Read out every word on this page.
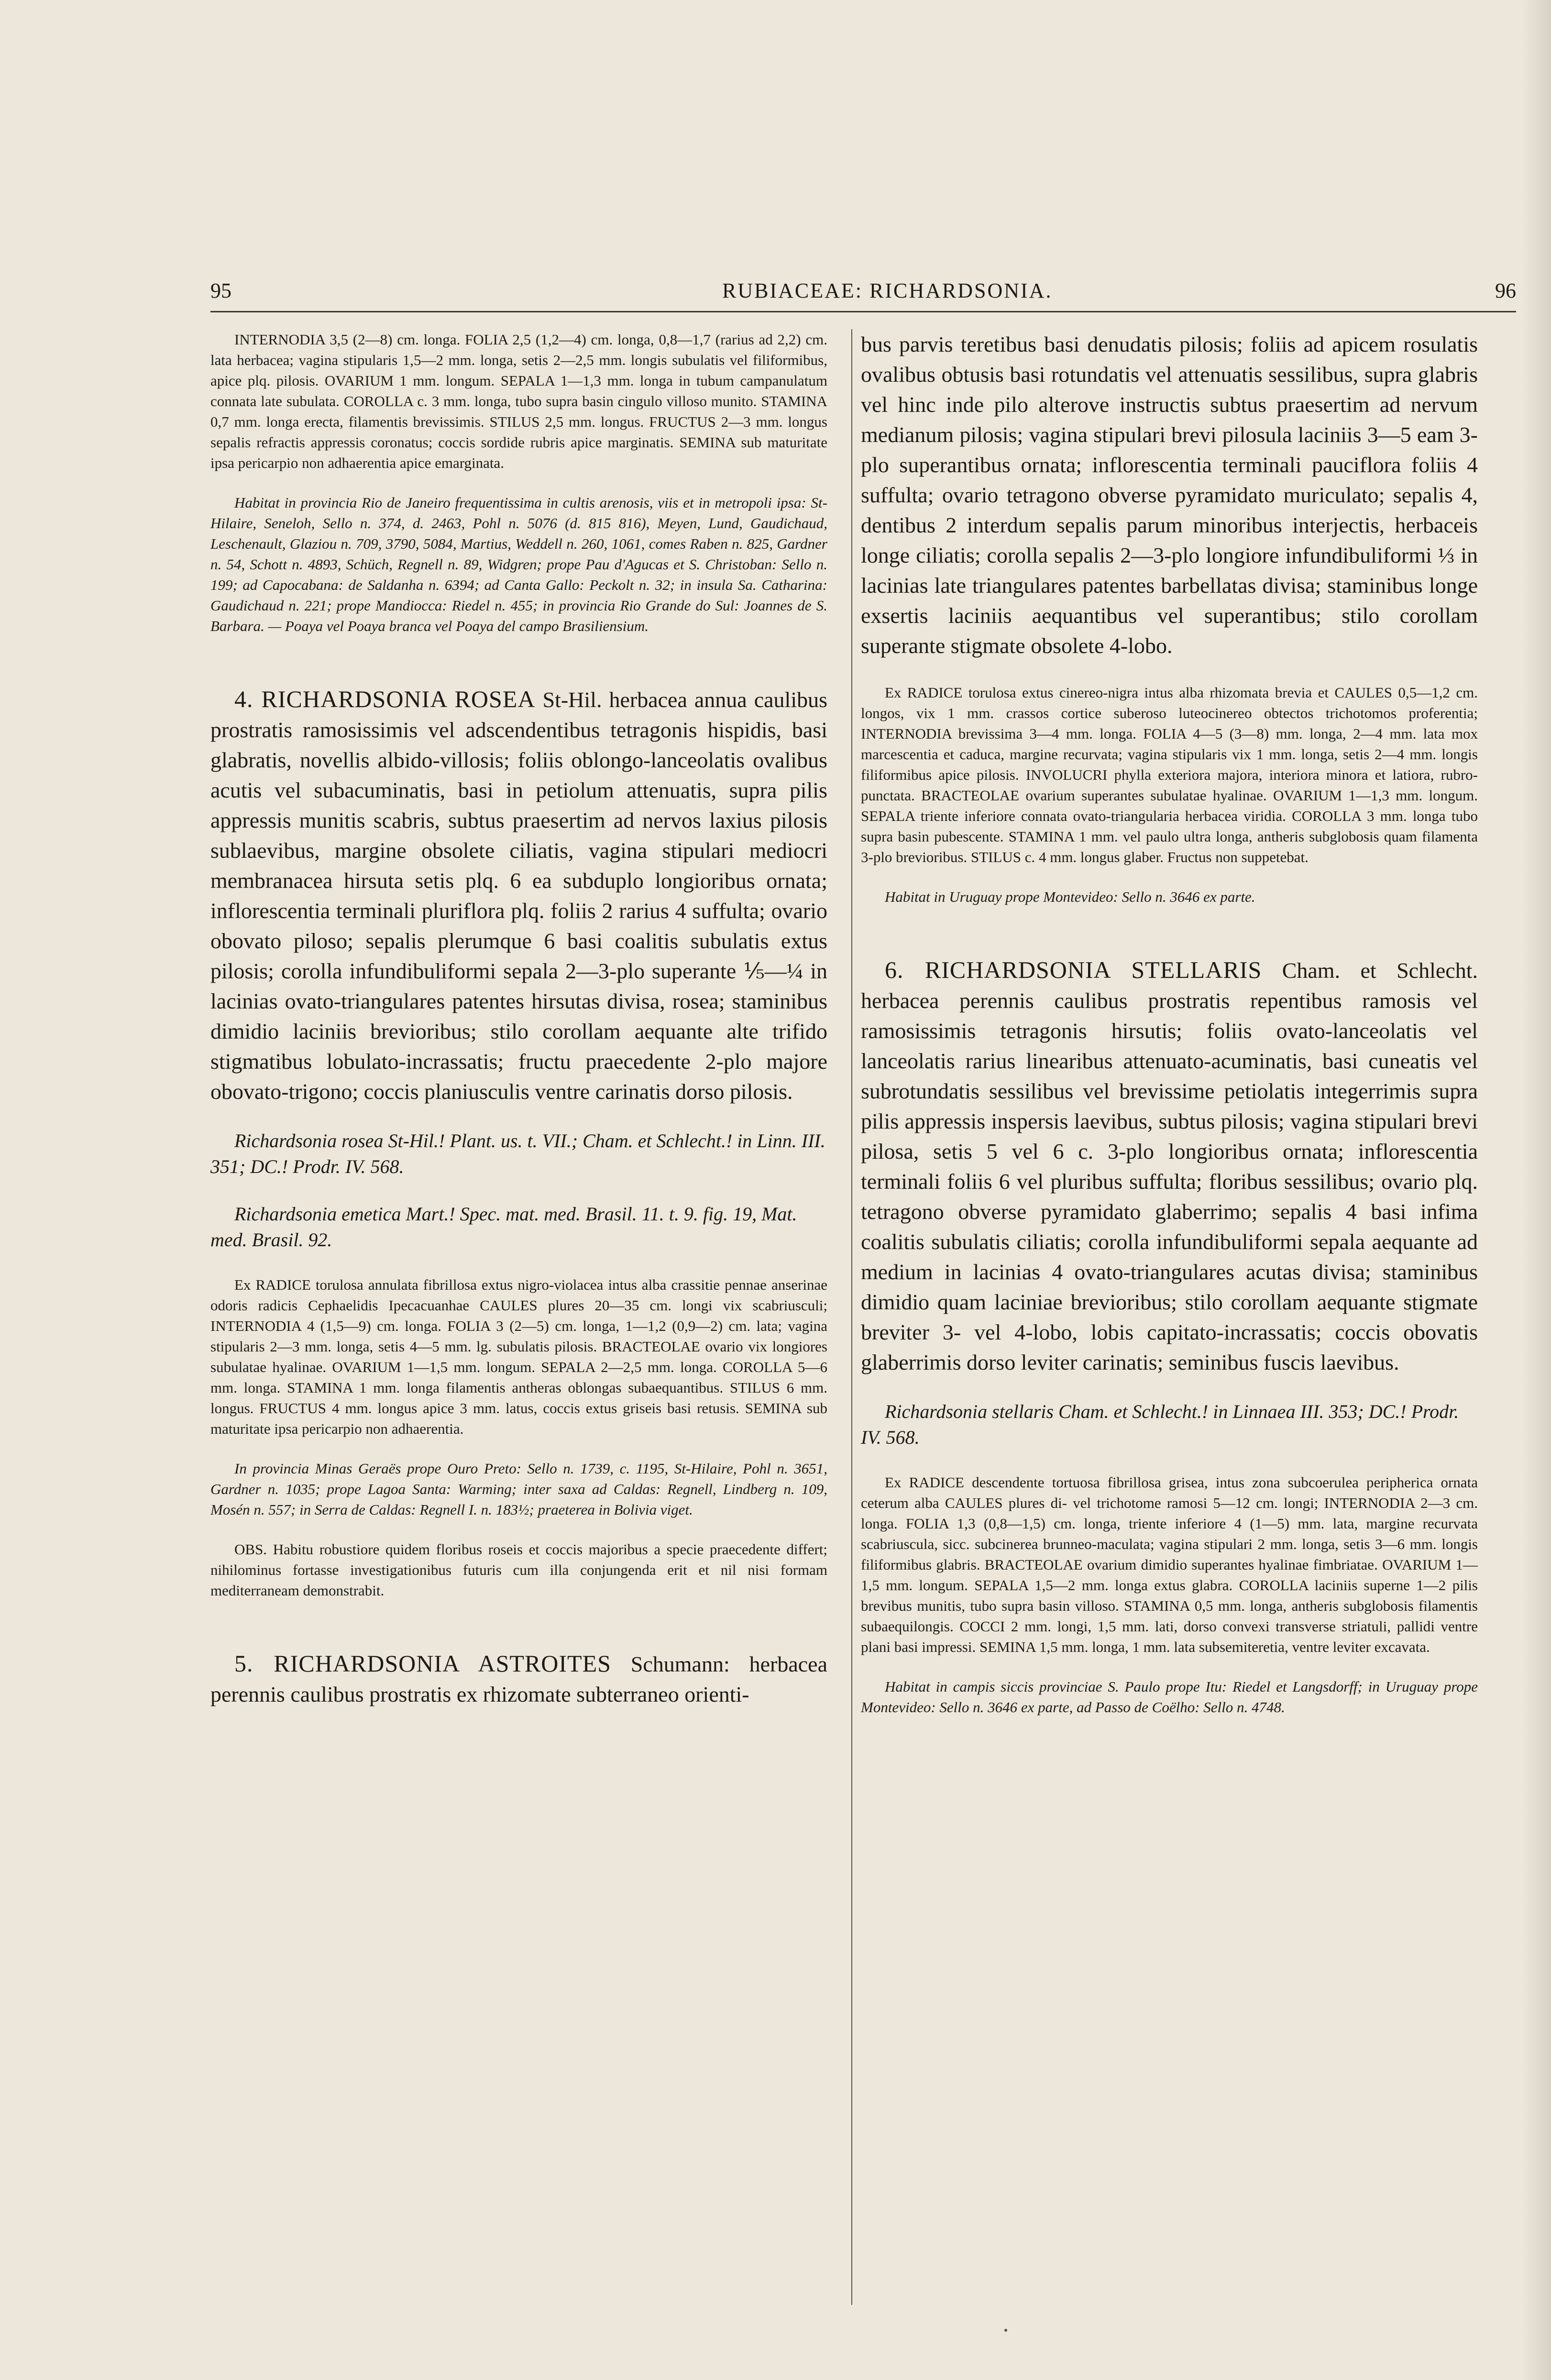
95	RUBIACEAE: RICHARDSONIA.	96

INTERNODIA 3,5 (2—8) cm. longa. FOLIA 2,5 (1,2—4) cm. longa, 0,8—1,7 (rarius ad 2,2) cm. lata herbacea; vagina stipularis 1,5—2 mm. longa, setis 2—2,5 mm. longis subulatis vel filiformibus, apice plq. pilosis. OVARIUM 1 mm. longum. SEPALA 1—1,3 mm. longa in tubum campanulatum connata late subulata. COROLLA c. 3 mm. longa, tubo supra basin cingulo villoso munito. STAMINA 0,7 mm. longa erecta, filamentis brevissimis. STILUS 2,5 mm. longus. FRUCTUS 2—3 mm. longus sepalis refractis appressis coronatus; coccis sordide rubris apice marginatis. SEMINA sub maturitate ipsa pericarpio non adhaerentia apice emarginata.

Habitat in provincia Rio de Janeiro frequentissima in cultis arenosis, viis et in metropoli ipsa: St-Hilaire, Seneloh, Sello n. 374, d. 2463, Pohl n. 5076 (d. 815 816), Meyen, Lund, Gaudichaud, Leschenault, Glaziou n. 709, 3790, 5084, Martius, Weddell n. 260, 1061, comes Raben n. 825, Gardner n. 54, Schott n. 4893, Schüch, Regnell n. 89, Widgren; prope Pau d'Agucas et S. Christoban: Sello n. 199; ad Capocabana: de Saldanha n. 6394; ad Canta Gallo: Peckolt n. 32; in insula Sa. Catharina: Gaudichaud n. 221; prope Mandiocca: Riedel n. 455; in provincia Rio Grande do Sul: Joannes de S. Barbara. — Poaya vel Poaya branca vel Poaya del campo Brasiliensium.

4. RICHARDSONIA ROSEA St-Hil. herbacea annua caulibus prostratis ramosissimis vel adscendentibus tetragonis hispidis, basi glabratis, novellis albido-villosis; foliis oblongo-lanceolatis ovalibus acutis vel subacuminatis, basi in petiolum attenuatis, supra pilis appressis munitis scabris, subtus praesertim ad nervos laxius pilosis sublaevibus, margine obsolete ciliatis, vagina stipulari mediocri membranacea hirsuta setis plq. 6 ea subduplo longioribus ornata; inflorescentia terminali pluriflora plq. foliis 2 rarius 4 suffulta; ovario obovato piloso; sepalis plerumque 6 basi coalitis subulatis extus pilosis; corolla infundibuliformi sepala 2—3-plo superante ⅕—¼ in lacinias ovato-triangulares patentes hirsutas divisa, rosea; staminibus dimidio laciniis brevioribus; stilo corollam aequante alte trifido stigmatibus lobulato-incrassatis; fructu praecedente 2-plo majore obovato-trigono; coccis planiusculis ventre carinatis dorso pilosis.

Richardsonia rosea St-Hil.! Plant. us. t. VII.; Cham. et Schlecht.! in Linn. III. 351; DC.! Prodr. IV. 568.

Richardsonia emetica Mart.! Spec. mat. med. Brasil. 11. t. 9. fig. 19, Mat. med. Brasil. 92.

Ex RADICE torulosa annulata fibrillosa extus nigro-violacea intus alba crassitie pennae anserinae odoris radicis Cephaelidis Ipecacuanhae CAULES plures 20—35 cm. longi vix scabriusculi; INTERNODIA 4 (1,5—9) cm. longa. FOLIA 3 (2—5) cm. longa, 1—1,2 (0,9—2) cm. lata; vagina stipularis 2—3 mm. longa, setis 4—5 mm. lg. subulatis pilosis. BRACTEOLAE ovario vix longiores subulatae hyalinae. OVARIUM 1—1,5 mm. longum. SEPALA 2—2,5 mm. longa. COROLLA 5—6 mm. longa. STAMINA 1 mm. longa filamentis antheras oblongas subaequantibus. STILUS 6 mm. longus. FRUCTUS 4 mm. longus apice 3 mm. latus, coccis extus griseis basi retusis. SEMINA sub maturitate ipsa pericarpio non adhaerentia.

In provincia Minas Geraës prope Ouro Preto: Sello n. 1739, c. 1195, St-Hilaire, Pohl n. 3651, Gardner n. 1035; prope Lagoa Santa: Warming; inter saxa ad Caldas: Regnell, Lindberg n. 109, Mosén n. 557; in Serra de Caldas: Regnell I. n. 183½; praeterea in Bolivia viget.

OBS. Habitu robustiore quidem floribus roseis et coccis majoribus a specie praecedente differt; nihilominus fortasse investigationibus futuris cum illa conjungenda erit et nil nisi formam mediterraneam demonstrabit.

5. RICHARDSONIA ASTROITES Schumann: herbacea perennis caulibus prostratis ex rhizomate subterraneo orienti-

bus parvis teretibus basi denudatis pilosis; foliis ad apicem rosulatis ovalibus obtusis basi rotundatis vel attenuatis sessilibus, supra glabris vel hinc inde pilo alterove instructis subtus praesertim ad nervum medianum pilosis; vagina stipulari brevi pilosula laciniis 3—5 eam 3-plo superantibus ornata; inflorescentia terminali pauciflora foliis 4 suffulta; ovario tetragono obverse pyramidato muriculato; sepalis 4, dentibus 2 interdum sepalis parum minoribus interjectis, herbaceis longe ciliatis; corolla sepalis 2—3-plo longiore infundibuliformi ⅓ in lacinias late triangulares patentes barbellatas divisa; staminibus longe exsertis laciniis aequantibus vel superantibus; stilo corollam superante stigmate obsolete 4-lobo.

Ex RADICE torulosa extus cinereo-nigra intus alba rhizomata brevia et CAULES 0,5—1,2 cm. longos, vix 1 mm. crassos cortice suberoso luteocinereo obtectos trichotomos proferentia; INTERNODIA brevissima 3—4 mm. longa. FOLIA 4—5 (3—8) mm. longa, 2—4 mm. lata mox marcescentia et caduca, margine recurvata; vagina stipularis vix 1 mm. longa, setis 2—4 mm. longis filiformibus apice pilosis. INVOLUCRI phylla exteriora majora, interiora minora et latiora, rubro-punctata. BRACTEOLAE ovarium superantes subulatae hyalinae. OVARIUM 1—1,3 mm. longum. SEPALA triente inferiore connata ovato-triangularia herbacea viridia. COROLLA 3 mm. longa tubo supra basin pubescente. STAMINA 1 mm. vel paulo ultra longa, antheris subglobosis quam filamenta 3-plo brevioribus. STILUS c. 4 mm. longus glaber. Fructus non suppetebat.

Habitat in Uruguay prope Montevideo: Sello n. 3646 ex parte.

6. RICHARDSONIA STELLARIS Cham. et Schlecht. herbacea perennis caulibus prostratis repentibus ramosis vel ramosissimis tetragonis hirsutis; foliis ovato-lanceolatis vel lanceolatis rarius linearibus attenuato-acuminatis, basi cuneatis vel subrotundatis sessilibus vel brevissime petiolatis integerrimis supra pilis appressis inspersis laevibus, subtus pilosis; vagina stipulari brevi pilosa, setis 5 vel 6 c. 3-plo longioribus ornata; inflorescentia terminali foliis 6 vel pluribus suffulta; floribus sessilibus; ovario plq. tetragono obverse pyramidato glaberrimo; sepalis 4 basi infima coalitis subulatis ciliatis; corolla infundibuliformi sepala aequante ad medium in lacinias 4 ovato-triangulares acutas divisa; staminibus dimidio quam laciniae brevioribus; stilo corollam aequante stigmate breviter 3- vel 4-lobo, lobis capitato-incrassatis; coccis obovatis glaberrimis dorso leviter carinatis; seminibus fuscis laevibus.

Richardsonia stellaris Cham. et Schlecht.! in Linnaea III. 353; DC.! Prodr. IV. 568.

Ex RADICE descendente tortuosa fibrillosa grisea, intus zona subcoerulea peripherica ornata ceterum alba CAULES plures di- vel trichotome ramosi 5—12 cm. longi; INTERNODIA 2—3 cm. longa. FOLIA 1,3 (0,8—1,5) cm. longa, triente inferiore 4 (1—5) mm. lata, margine recurvata scabriuscula, sicc. subcinerea brunneo-maculata; vagina stipulari 2 mm. longa, setis 3—6 mm. longis filiformibus glabris. BRACTEOLAE ovarium dimidio superantes hyalinae fimbriatae. OVARIUM 1—1,5 mm. longum. SEPALA 1,5—2 mm. longa extus glabra. COROLLA laciniis superne 1—2 pilis brevibus munitis, tubo supra basin villoso. STAMINA 0,5 mm. longa, antheris subglobosis filamentis subaequilongis. COCCI 2 mm. longi, 1,5 mm. lati, dorso convexi transverse striatuli, pallidi ventre plani basi impressi. SEMINA 1,5 mm. longa, 1 mm. lata subsemiteretia, ventre leviter excavata.

Habitat in campis siccis provinciae S. Paulo prope Itu: Riedel et Langsdorff; in Uruguay prope Montevideo: Sello n. 3646 ex parte, ad Passo de Coëlho: Sello n. 4748.
